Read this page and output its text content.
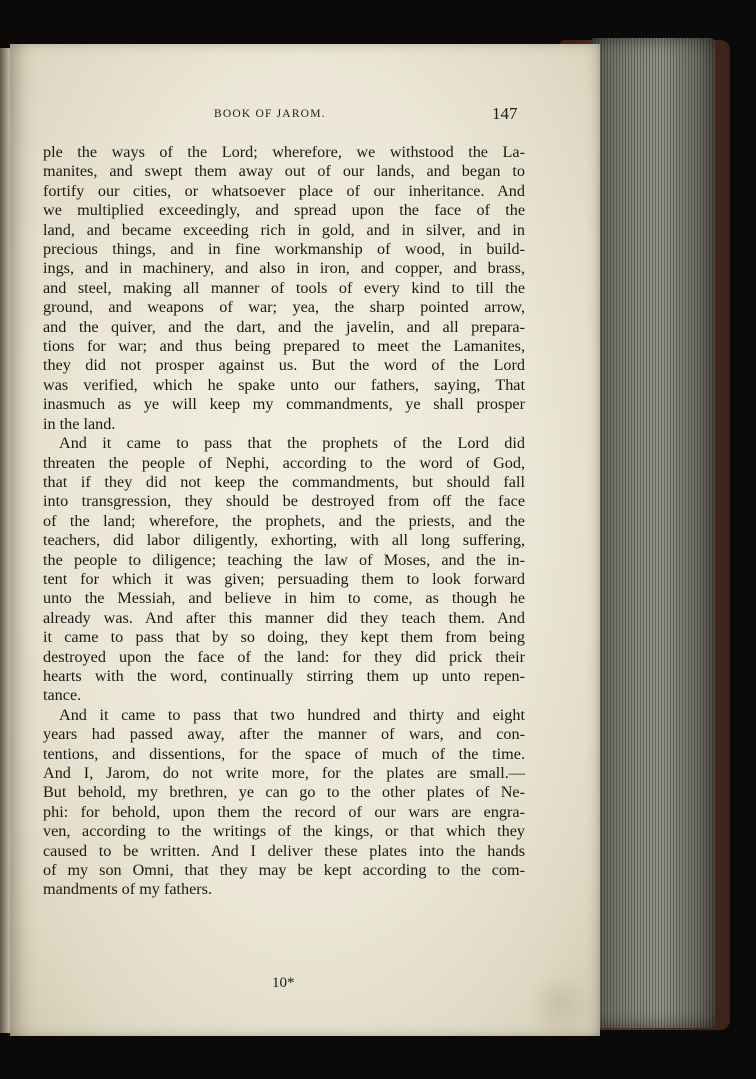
BOOK OF JAROM.	147
ple the ways of the Lord; wherefore, we withstood the La-
manites, and swept them away out of our lands, and began to
fortify our cities, or whatsoever place of our inheritance. And
we multiplied exceedingly, and spread upon the face of the
land, and became exceeding rich in gold, and in silver, and in
precious things, and in fine workmanship of wood, in build-
ings, and in machinery, and also in iron, and copper, and brass,
and steel, making all manner of tools of every kind to till the
ground, and weapons of war; yea, the sharp pointed arrow,
and the quiver, and the dart, and the javelin, and all prepara-
tions for war; and thus being prepared to meet the Lamanites,
they did not prosper against us. But the word of the Lord
was verified, which he spake unto our fathers, saying, That
inasmuch as ye will keep my commandments, ye shall prosper
in the land.
And it came to pass that the prophets of the Lord did
threaten the people of Nephi, according to the word of God,
that if they did not keep the commandments, but should fall
into transgression, they should be destroyed from off the face
of the land; wherefore, the prophets, and the priests, and the
teachers, did labor diligently, exhorting, with all long suffering,
the people to diligence; teaching the law of Moses, and the in-
tent for which it was given; persuading them to look forward
unto the Messiah, and believe in him to come, as though he
already was. And after this manner did they teach them. And
it came to pass that by so doing, they kept them from being
destroyed upon the face of the land: for they did prick their
hearts with the word, continually stirring them up unto repen-
tance.
And it came to pass that two hundred and thirty and eight
years had passed away, after the manner of wars, and con-
tentions, and dissentions, for the space of much of the time.
And I, Jarom, do not write more, for the plates are small.—
But behold, my brethren, ye can go to the other plates of Ne-
phi: for behold, upon them the record of our wars are engra-
ven, according to the writings of the kings, or that which they
caused to be written. And I deliver these plates into the hands
of my son Omni, that they may be kept according to the com-
mandments of my fathers.
10*
